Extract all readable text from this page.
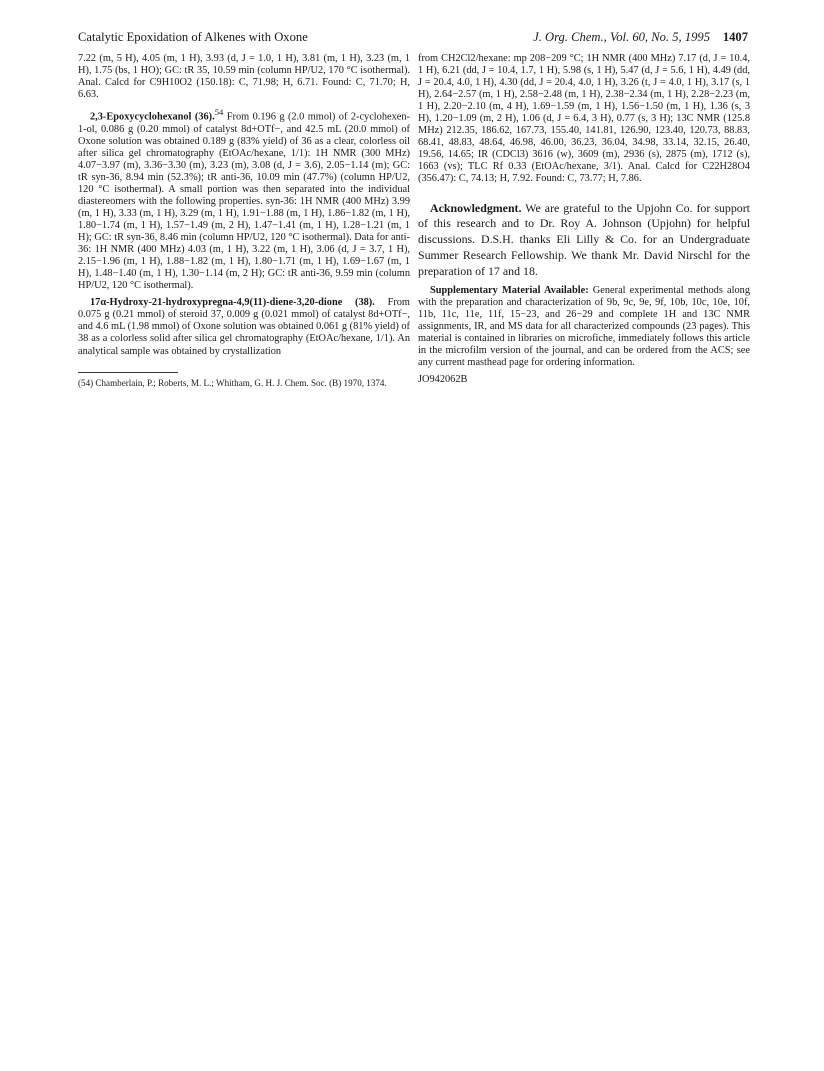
Catalytic Epoxidation of Alkenes with Oxone	J. Org. Chem., Vol. 60, No. 5, 1995 1407

7.22 (m, 5 H), 4.05 (m, 1 H), 3.93 (d, J = 1.0, 1 H), 3.81 (m, 1 H), 3.23 (m, 1 H), 1.75 (bs, 1 HO); GC: tR 35, 10.59 min (column HP/U2, 170 °C isothermal). Anal. Calcd for C9H10O2 (150.18): C, 71.98; H, 6.71. Found: C, 71.70; H, 6.63.

2,3-Epoxycyclohexanol (36).$^{54}$ From 0.196 g (2.0 mmol) of 2-cyclohexen-1-ol, 0.086 g (0.20 mmol) of catalyst 8d+OTf−, and 42.5 mL (20.0 mmol) of Oxone solution was obtained 0.189 g (83% yield) of 36 as a clear, colorless oil after silica gel chromatography (EtOAc/hexane, 1/1): 1H NMR (300 MHz) 4.07−3.97 (m), 3.36−3.30 (m), 3.23 (m), 3.08 (d, J = 3.6), 2.05−1.14 (m); GC: tR syn-36, 8.94 min (52.3%); tR anti-36, 10.09 min (47.7%) (column HP/U2, 120 °C isothermal). A small portion was then separated into the individual diastereomers with the following properties. syn-36: 1H NMR (400 MHz) 3.99 (m, 1 H), 3.33 (m, 1 H), 3.29 (m, 1 H), 1.91−1.88 (m, 1 H), 1.86−1.82 (m, 1 H), 1.80−1.74 (m, 1 H), 1.57−1.49 (m, 2 H), 1.47−1.41 (m, 1 H), 1.28−1.21 (m, 1 H); GC: tR syn-36, 8.46 min (column HP/U2, 120 °C isothermal). Data for anti-36: 1H NMR (400 MHz) 4.03 (m, 1 H), 3.22 (m, 1 H), 3.06 (d, J = 3.7, 1 H), 2.15−1.96 (m, 1 H), 1.88−1.82 (m, 1 H), 1.80−1.71 (m, 1 H), 1.69−1.67 (m, 1 H), 1.48−1.40 (m, 1 H), 1.30−1.14 (m, 2 H); GC: tR anti-36, 9.59 min (column HP/U2, 120 °C isothermal).

17α-Hydroxy-21-hydroxypregna-4,9(11)-diene-3,20-dione (38). From 0.075 g (0.21 mmol) of steroid 37, 0.009 g (0.021 mmol) of catalyst 8d+OTf−, and 4.6 mL (1.98 mmol) of Oxone solution was obtained 0.061 g (81% yield) of 38 as a colorless solid after silica gel chromatography (EtOAc/hexane, 1/1). An analytical sample was obtained by crystallization

(54) Chamberlain, P.; Roberts, M. L.; Whitham, G. H. J. Chem. Soc. (B) 1970, 1374.

from CH2Cl2/hexane: mp 208−209 °C; 1H NMR (400 MHz) 7.17 (d, J = 10.4, 1 H), 6.21 (dd, J = 10.4, 1.7, 1 H), 5.98 (s, 1 H), 5.47 (d, J = 5.6, 1 H), 4.49 (dd, J = 20.4, 4.0, 1 H), 4.30 (dd, J = 20.4, 4.0, 1 H), 3.26 (t, J = 4.0, 1 H), 3.17 (s, 1 H), 2.64−2.57 (m, 1 H), 2.58−2.48 (m, 1 H), 2.38−2.34 (m, 1 H), 2.28−2.23 (m, 1 H), 2.20−2.10 (m, 4 H), 1.69−1.59 (m, 1 H), 1.56−1.50 (m, 1 H), 1.36 (s, 3 H), 1.20−1.09 (m, 2 H), 1.06 (d, J = 6.4, 3 H), 0.77 (s, 3 H); 13C NMR (125.8 MHz) 212.35, 186.62, 167.73, 155.40, 141.81, 126.90, 123.40, 120.73, 88.83, 68.41, 48.83, 48.64, 46.98, 46.00, 36.23, 36.04, 34.98, 33.14, 32.15, 26.40, 19.56, 14.65; IR (CDCl3) 3616 (w), 3609 (m), 2936 (s), 2875 (m), 1712 (s), 1663 (vs); TLC Rf 0.33 (EtOAc/hexane, 3/1). Anal. Calcd for C22H28O4 (356.47): C, 74.13; H, 7.92. Found: C, 73.77; H, 7.86.

Acknowledgment. We are grateful to the Upjohn Co. for support of this research and to Dr. Roy A. Johnson (Upjohn) for helpful discussions. D.S.H. thanks Eli Lilly & Co. for an Undergraduate Summer Research Fellowship. We thank Mr. David Nirschl for the preparation of 17 and 18.

Supplementary Material Available: General experimental methods along with the preparation and characterization of 9b, 9c, 9e, 9f, 10b, 10c, 10e, 10f, 11b, 11c, 11e, 11f, 15−23, and 26−29 and complete 1H and 13C NMR assignments, IR, and MS data for all characterized compounds (23 pages). This material is contained in libraries on microfiche, immediately follows this article in the microfilm version of the journal, and can be ordered from the ACS; see any current masthead page for ordering information.

JO942062B
